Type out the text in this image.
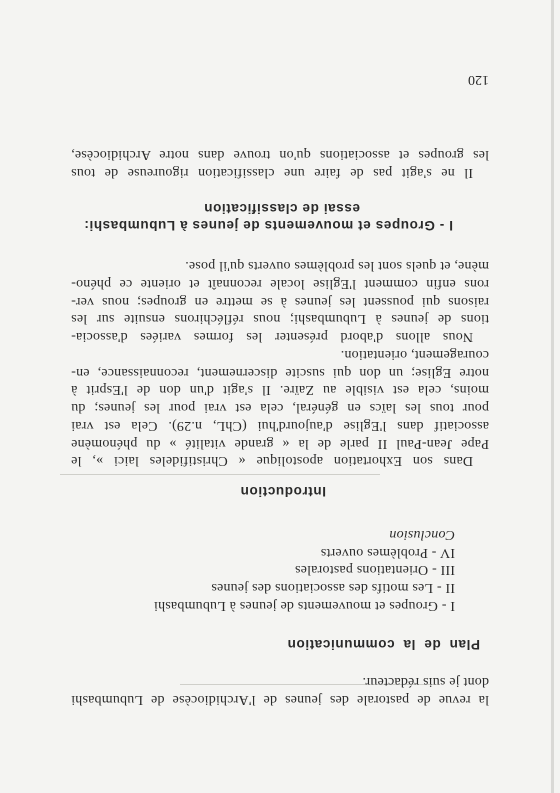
la revue de pastorale des jeunes de l'Archidiocèse de Lubumbashi
dont je suis rédacteur.
Plan de la communication
I - Groupes et mouvements de jeunes à Lubumbashi
II - Les motifs des associations des jeunes
III - Orientations pastorales
IV - Problèmes ouverts
Conclusion
Introduction
Dans son Exhortation apostolique « Christifideles laici », le
Pape Jean-Paul II parle de la « grande vitalité » du phénomène
associatif dans l'Eglise d'aujourd'hui (ChL, n.29). Cela est vrai
pour tous les laïcs en général, cela est vrai pour les jeunes; du
moins, cela est visible au Zaïre. Il s'agit d'un don de l'Esprit à
notre Eglise; un don qui suscite discernement, reconnaissance, en-
couragement, orientation.
Nous allons d'abord présenter les formes variées d'associa-
tions de jeunes à Lubumbashi; nous réfléchirons ensuite sur les
raisons qui poussent les jeunes à se mettre en groupes; nous ver-
rons enfin comment l'Eglise locale reconnaît et oriente ce phéno-
mène, et quels sont les problèmes ouverts qu'il pose.
I - Groupes et mouvements de jeunes à Lubumbashi:
essai de classification
Il ne s'agit pas de faire une classification rigoureuse de tous
les groupes et associations qu'on trouve dans notre Archidiocèse,
120
